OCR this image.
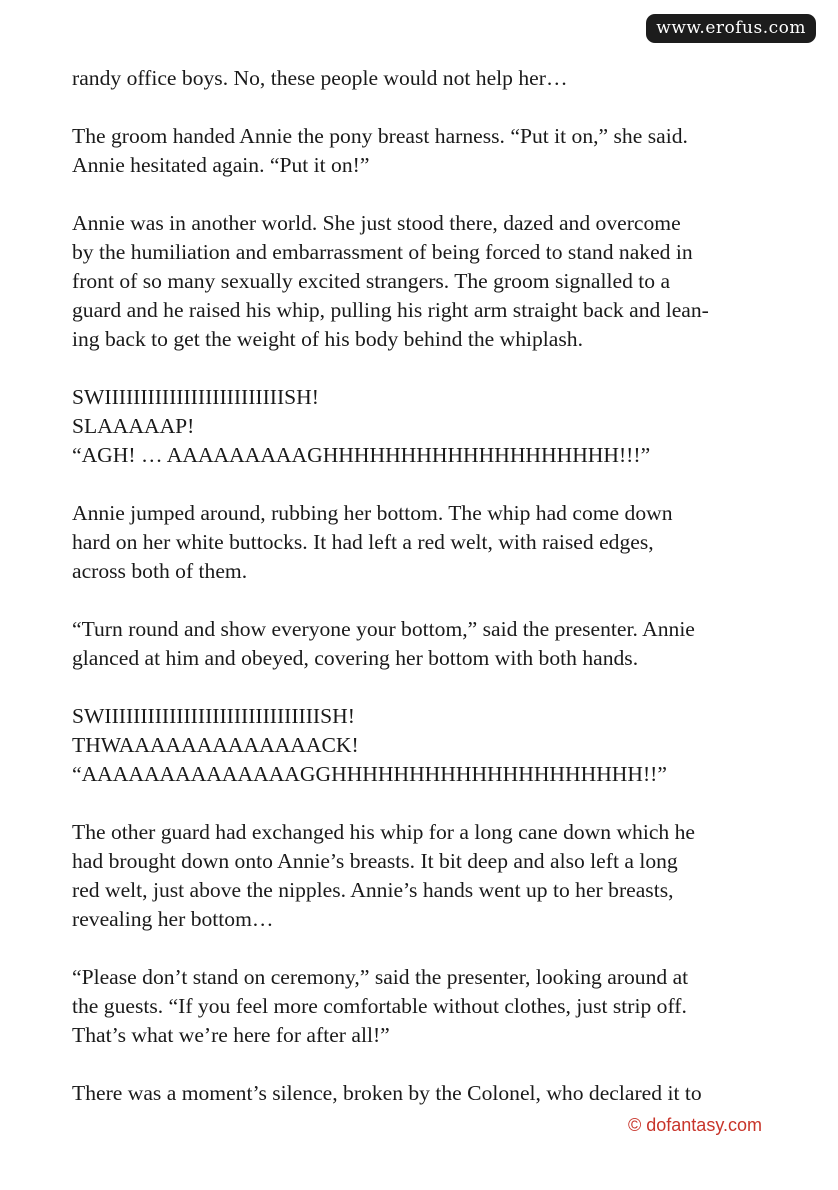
www.erofus.com
randy office boys. No, these people would not help her…
The groom handed Annie the pony breast harness. “Put it on,” she said.
Annie hesitated again. “Put it on!”
Annie was in another world. She just stood there, dazed and overcome
by the humiliation and embarrassment of being forced to stand naked in
front of so many sexually excited strangers. The groom signalled to a
guard and he raised his whip, pulling his right arm straight back and lean-
ing back to get the weight of his body behind the whiplash.
SWIIIIIIIIIIIIIIIIIIIIIIIIISH!
SLAAAAAP!
“AGH! … AAAAAAAAAGHHHHHHHHHHHHHHHHHHH!!!”
Annie jumped around, rubbing her bottom. The whip had come down
hard on her white buttocks. It had left a red welt, with raised edges,
across both of them.
“Turn round and show everyone your bottom,” said the presenter. Annie
glanced at him and obeyed, covering her bottom with both hands.
SWIIIIIIIIIIIIIIIIIIIIIIIIIIIIIISH!
THWAAAAAAAAAAAAACK!
“AAAAAAAAAAAAAAGGHHHHHHHHHHHHHHHHHHHH!!”
The other guard had exchanged his whip for a long cane down which he
had brought down onto Annie’s breasts. It bit deep and also left a long
red welt, just above the nipples. Annie’s hands went up to her breasts,
revealing her bottom…
“Please don’t stand on ceremony,” said the presenter, looking around at
the guests. “If you feel more comfortable without clothes, just strip off.
That’s what we’re here for after all!”
There was a moment’s silence, broken by the Colonel, who declared it to
© dofantasy.com
